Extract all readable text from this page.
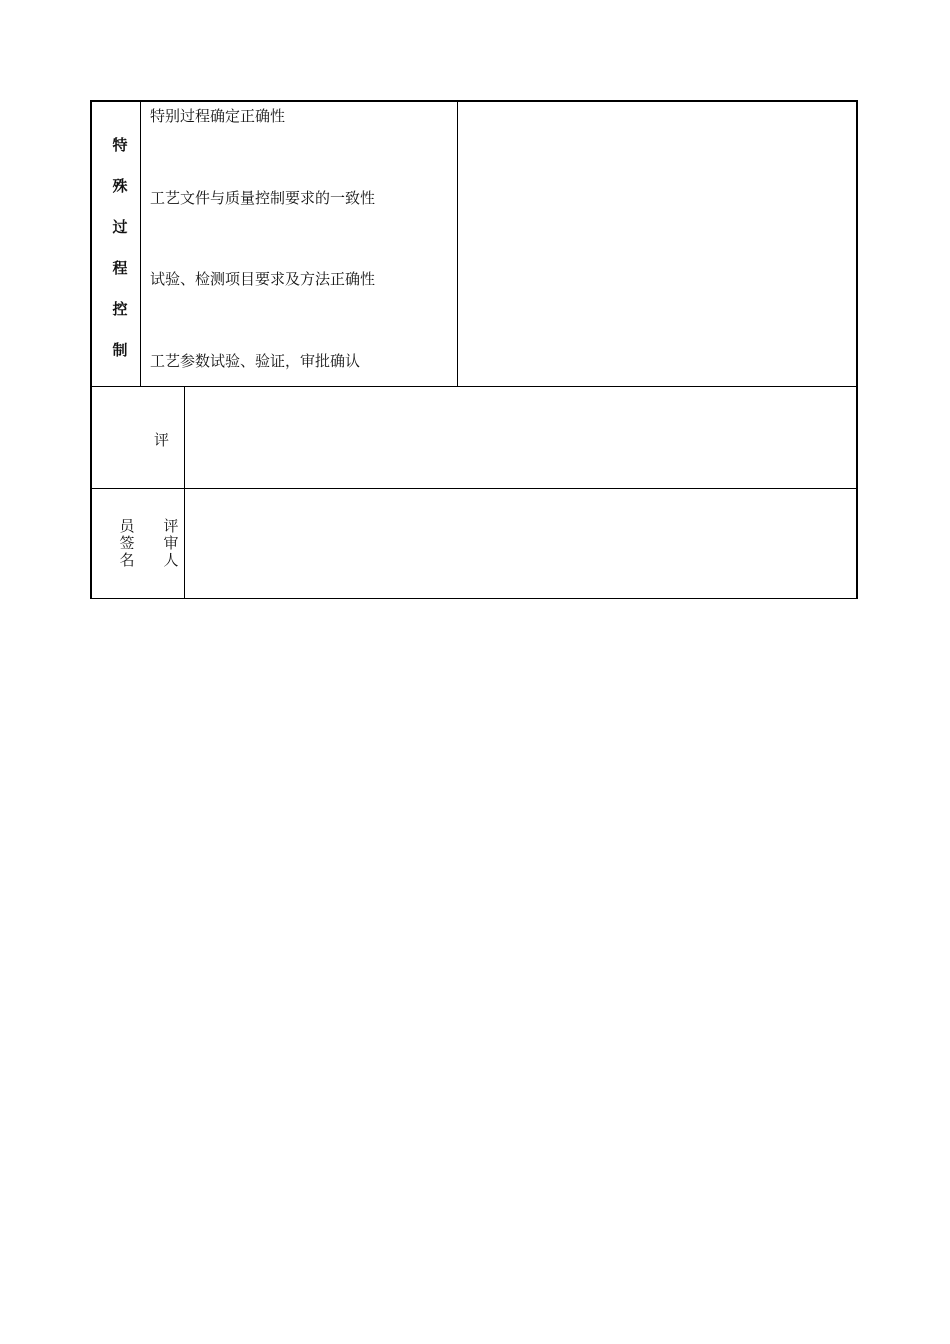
特
殊
过
程
控
制
特别过程确定正确性
工艺文件与质量控制要求的一致性
试验、检测项目要求及方法正确性
工艺参数试验、验证，审批确认
评
员
签
名
评
审
人
